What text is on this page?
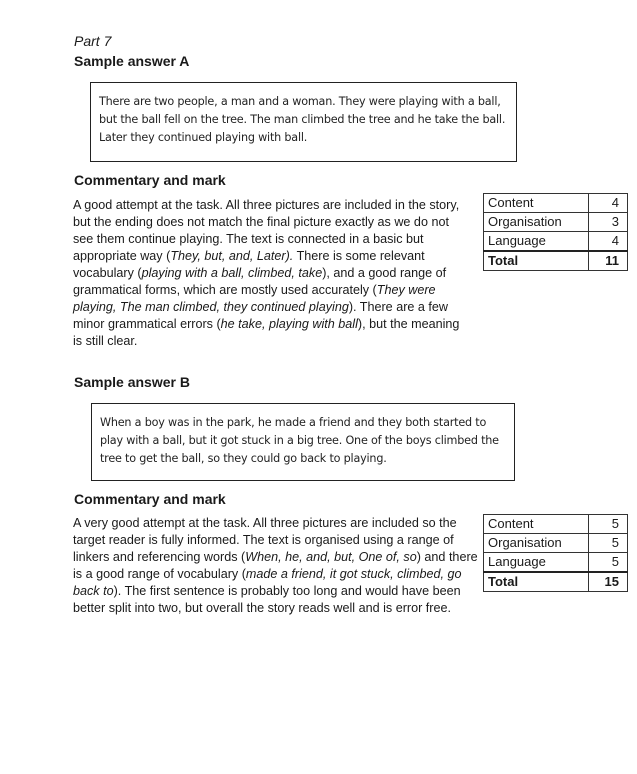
Part 7
Sample answer A
There are two people, a man and a woman. They were playing with a ball, but the ball fell on the tree. The man climbed the tree and he take the ball. Later they continued playing with ball.
Commentary and mark
A good attempt at the task. All three pictures are included in the story, but the ending does not match the final picture exactly as we do not see them continue playing. The text is connected in a basic but appropriate way (They, but, and, Later). There is some relevant vocabulary (playing with a ball, climbed, take), and a good range of grammatical forms, which are mostly used accurately (They were playing, The man climbed, they continued playing). There are a few minor grammatical errors (he take, playing with ball), but the meaning is still clear.
Content	4
Organisation	3
Language	4
Total	11
Sample answer B
When a boy was in the park, he made a friend and they both started to play with a ball, but it got stuck in a big tree. One of the boys climbed the tree to get the ball, so they could go back to playing.
Commentary and mark
A very good attempt at the task. All three pictures are included so the target reader is fully informed. The text is organised using a range of linkers and referencing words (When, he, and, but, One of, so) and there is a good range of vocabulary (made a friend, it got stuck, climbed, go back to). The first sentence is probably too long and would have been better split into two, but overall the story reads well and is error free.
Content	5
Organisation	5
Language	5
Total	15
